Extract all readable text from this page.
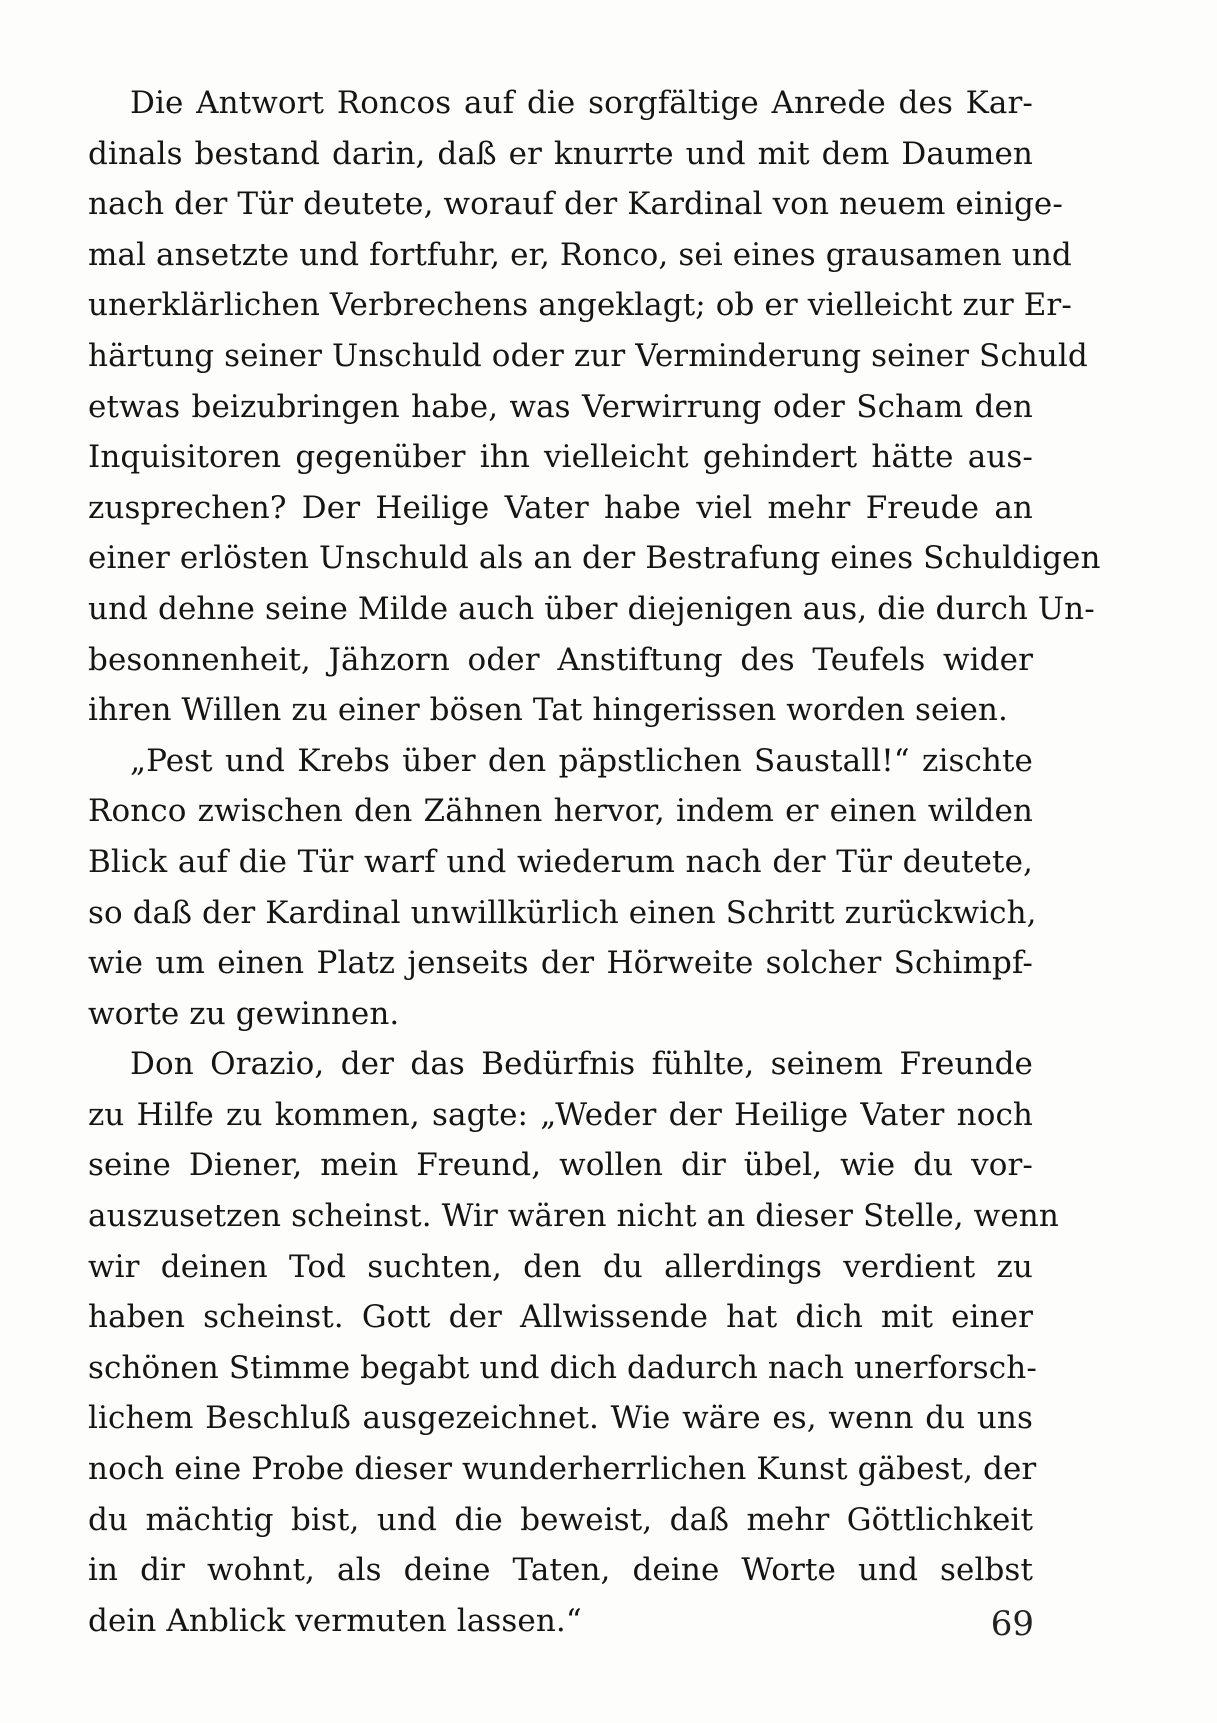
Die Antwort Roncos auf die sorgfältige Anrede des Kar-
dinals bestand darin, daß er knurrte und mit dem Daumen
nach der Tür deutete, worauf der Kardinal von neuem einige-
mal ansetzte und fortfuhr, er, Ronco, sei eines grausamen und
unerklärlichen Verbrechens angeklagt; ob er vielleicht zur Er-
härtung seiner Unschuld oder zur Verminderung seiner Schuld
etwas beizubringen habe, was Verwirrung oder Scham den
Inquisitoren gegenüber ihn vielleicht gehindert hätte aus-
zusprechen? Der Heilige Vater habe viel mehr Freude an
einer erlösten Unschuld als an der Bestrafung eines Schuldigen
und dehne seine Milde auch über diejenigen aus, die durch Un-
besonnenheit, Jähzorn oder Anstiftung des Teufels wider
ihren Willen zu einer bösen Tat hingerissen worden seien.
„Pest und Krebs über den päpstlichen Saustall!“ zischte
Ronco zwischen den Zähnen hervor, indem er einen wilden
Blick auf die Tür warf und wiederum nach der Tür deutete,
so daß der Kardinal unwillkürlich einen Schritt zurückwich,
wie um einen Platz jenseits der Hörweite solcher Schimpf-
worte zu gewinnen.
Don Orazio, der das Bedürfnis fühlte, seinem Freunde
zu Hilfe zu kommen, sagte: „Weder der Heilige Vater noch
seine Diener, mein Freund, wollen dir übel, wie du vor-
auszusetzen scheinst. Wir wären nicht an dieser Stelle, wenn
wir deinen Tod suchten, den du allerdings verdient zu
haben scheinst. Gott der Allwissende hat dich mit einer
schönen Stimme begabt und dich dadurch nach unerforsch-
lichem Beschluß ausgezeichnet. Wie wäre es, wenn du uns
noch eine Probe dieser wunderherrlichen Kunst gäbest, der
du mächtig bist, und die beweist, daß mehr Göttlichkeit
in dir wohnt, als deine Taten, deine Worte und selbst
dein Anblick vermuten lassen.“	69
